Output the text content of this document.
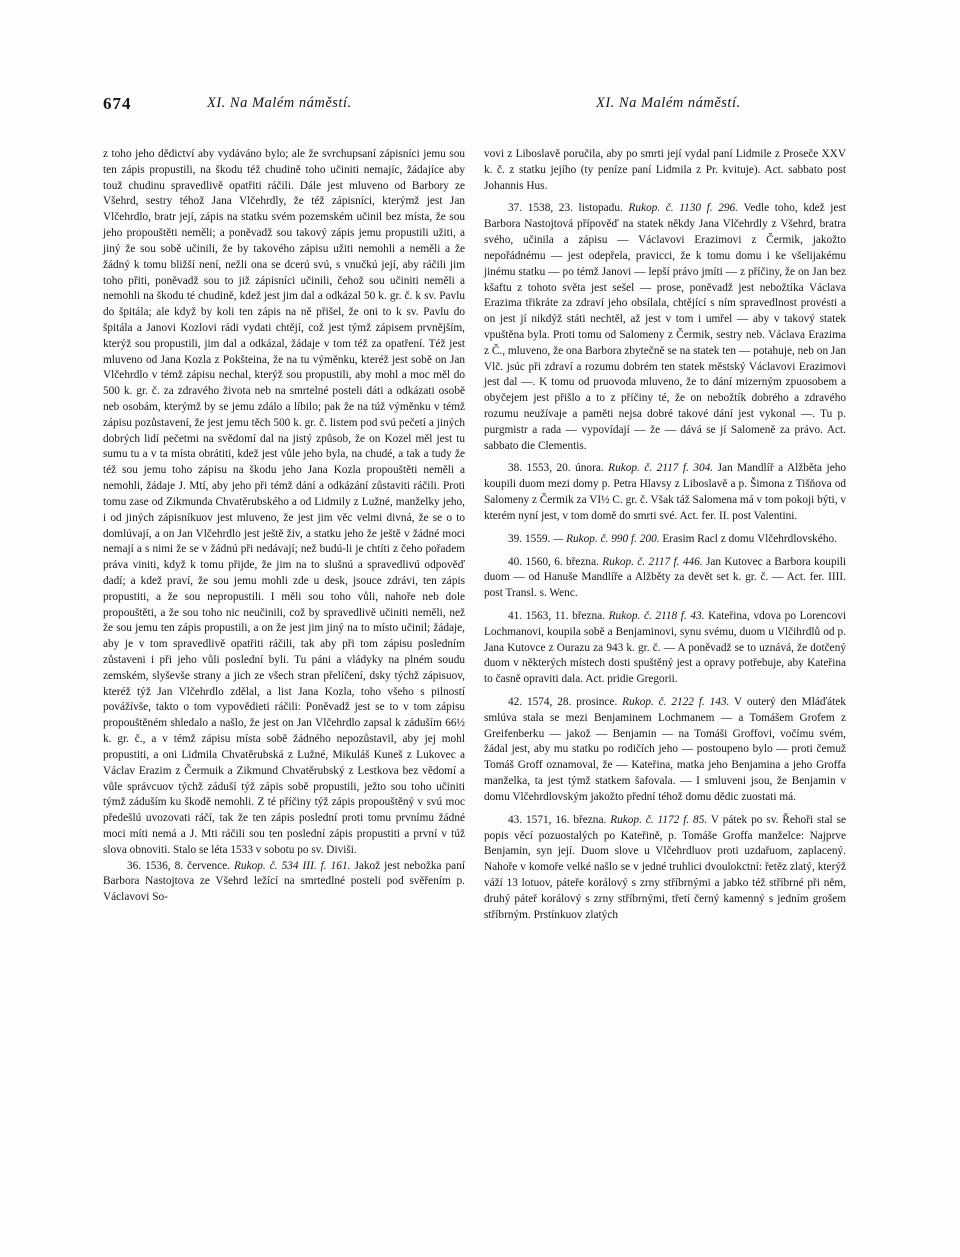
674	XI. Na Malém náměstí.	XI. Na Malém náměstí.

z toho jeho dědictví aby vydáváno bylo; ale že svrchupsaní zápisníci jemu sou ten zápis propustili, na škodu též chudině toho učiniti nemajíc, žádajíce aby touž chudinu spravedlivě opatřiti ráčili. Dále jest mluveno od Barbory ze Všehrd, sestry téhož Jana Vlčehrdly, že též zápisníci, kterýmž jest Jan Vlčehrdlo, bratr její, zápis na statku svém pozemském učinil bez místa, že sou jeho propouštěti neměli; a poněvadž sou takový zápis jemu propustili užiti, a jiný že sou sobě učinili, že by takového zápisu užiti nemohli a neměli a že žádný k tomu bližší není, nežli ona se dcerú svú, s vnučkú její, aby ráčili jim toho přiti, poněvadž sou to již zápisníci učinili, čehož sou učiniti neměli a nemohli na škodu té chudině, kdež jest jim dal a odkázal 50 k. gr. č. k sv. Pavlu do špitála; ale když by koli ten zápis na ně přišel, že oni to k sv. Pavlu do špitála a Janovi Kozlovi rádi vydati chtějí, což jest týmž zápisem prvnějším, kterýž sou propustili, jim dal a odkázal, žádaje v tom též za opatření. Též jest mluveno od Jana Kozla z Pokšteina, že na tu výměnku, kteréž jest sobě on Jan Vlčehrdlo v témž zápisu nechal, kterýž sou propustili, aby mohl a moc měl do 500 k. gr. č. za zdravého života neb na smrtelné posteli dáti a odkázati osobě neb osobám, kterýmž by se jemu zdálo a líbilo; pak že na túž výměnku v témž zápisu pozůstavení, že jest jemu těch 500 k. gr. č. listem pod svú pečetí a jiných dobrých lidí pečetmi na svědomí dal na jistý způsob, že on Kozel měl jest tu sumu tu a v ta místa obrátiti, kdež jest vůle jeho byla, na chudé, a tak a tudy že též sou jemu toho zápisu na škodu jeho Jana Kozla propouštěti neměli a nemohli, žádaje J. Mtí, aby jeho při témž dání a odkázání zůstaviti ráčili. Proti tomu zase od Zikmunda Chvatěrubského a od Lidmily z Lužné, manželky jeho, i od jiných zápisníkuov jest mluveno, že jest jim věc velmi divná, že se o to domlúvají, a on Jan Vlčehrdlo jest ještě živ, a statku jeho že ještě v žádné moci nemají a s nimi že se v žádnú při nedávají; než budú-li je chtíti z čeho pořadem práva viniti, když k tomu přijde, že jim na to slušnú a spravedlivú odpověď dadí; a kdež praví, že sou jemu mohli zde u desk, jsouce zdrávi, ten zápis propustiti, a že sou nepropustili. I měli sou toho vůli, nahoře neb dole propouštěti, a že sou toho nic neučinili, což by spravedlivě učiniti neměli, než že sou jemu ten zápis propustili, a on že jest jim jiný na to místo učinil; žádaje, aby je v tom spravedlivě opatřiti ráčili, tak aby při tom zápisu posledním zůstaveni i při jeho vůli poslední byli. Tu páni a vládyky na plném soudu zemském, slyševše strany a jich ze všech stran přelíčení, dsky týchž zápisuov, kteréž týž Jan Vlčehrdlo zdělal, a list Jana Kozla, toho všeho s pilností povážívše, takto o tom vypovědieti ráčili: Poněvadž jest se to v tom zápisu propouštěném shledalo a našlo, že jest on Jan Vlčehrdlo zapsal k záduším 66½ k. gr. č., a v témž zápisu místa sobě žádného nepozůstavil, aby jej mohl propustiti, a oni Lidmila Chvatěrubská z Lužné, Mikuláš Kuneš z Lukovec a Václav Erazim z Čermuik a Zikmund Chvatěrubský z Lestkova bez vědomí a vůle správcuov týchž záduší týž zápis sobě propustili, ježto sou toho učiniti týmž záduším ku škodě nemohli. Z té příčiny týž zápis propouštěný v svú moc předešlú uvozovati ráčí, tak že ten zápis poslední proti tomu prvnímu žádné moci míti nemá a J. Mti ráčili sou ten poslední zápis propustiti a první v túž slova obnoviti. Stalo se léta 1533 v sobotu po sv. Diviši.

36. 1536, 8. července. Rukop. č. 534 III. f. 161. Jakož jest nebožka paní Barbora Nastojtova ze Všehrd ležící na smrtedlné posteli pod svěřením p. Václavovi So-

vovi z Liboslavě poručila, aby po smrti její vydal paní Lidmile z Proseče XXV k. č. z statku jejího (ty peníze paní Lidmila z Pr. kvituje). Act. sabbato post Johannis Hus.

37. 1538, 23. listopadu. Rukop. č. 1130 f. 296. Vedle toho, kdež jest Barbora Nastojtová přípověď na statek někdy Jana Vlčehrdly z Všehrd, bratra svého, učinila a zápisu — Václavovi Erazimovi z Čermik, jakožto nepořádnému — jest odepřela, pravicci, že k tomu domu i ke všelijakému jinému statku — po témž Janovi — lepší právo jmíti — z příčiny, že on Jan bez kšaftu z tohoto světa jest sešel — prose, poněvadž jest nebožtíka Václava Erazima třikráte za zdraví jeho obsílala, chtějící s ním spravedlnost provésti a on jest jí nikdýž státi nechtěl, až jest v tom i umřel — aby v takový statek vpuštěna byla. Proti tomu od Salomeny z Čermik, sestry neb. Václava Erazima z Č., mluveno, že ona Barbora zbytečně se na statek ten — potahuje, neb on Jan Vlč. jsúc při zdraví a rozumu dobrém ten statek městský Václavovi Erazimovi jest dal —. K tomu od pruovoda mluveno, že to dání mizerným zpuosobem a obyčejem jest přišlo a to z příčiny té, že on nebožtík dobrého a zdravého rozumu neužívaje a paměti nejsa dobré takové dání jest vykonal —. Tu p. purgmistr a rada — vypovídají — že — dává se jí Salomeně za právo. Act. sabbato die Clementis.

38. 1553, 20. února. Rukop. č. 2117 f. 304. Jan Mandlíř a Alžběta jeho koupili duom mezi domy p. Petra Hlavsy z Liboslavě a p. Šimona z Tišňova od Salomeny z Čermik za VI½ C. gr. č. Však táž Salomena má v tom pokoji býti, v kterém nyní jest, v tom domě do smrti své. Act. fer. II. post Valentini.

39. 1559. — Rukop. č. 990 f. 200. Erasim Racl z domu Vlčehrdlovského.

40. 1560, 6. března. Rukop. č. 2117 f. 446. Jan Kutovec a Barbora koupili duom — od Hanuše Mandlíře a Alžběty za devět set k. gr. č. — Act. fer. IIII. post Transl. s. Wenc.

41. 1563, 11. března. Rukop. č. 2118 f. 43. Kateřina, vdova po Lorencovi Lochmanovi, koupila sobě a Benjaminovi, synu svému, duom u Vlčihrdlů od p. Jana Kutovce z Ourazu za 943 k. gr. č. — A poněvadž se to uznává, že dotčený duom v některých místech dosti spuštěný jest a opravy potřebuje, aby Kateřina to časně opraviti dala. Act. pridie Gregorii.

42. 1574, 28. prosince. Rukop. č. 2122 f. 143. V outerý den Mláďátek smlúva stala se mezi Benjaminem Lochmanem — a Tomášem Grofem z Greifenberku — jakož — Benjamin — na Tomáši Groffovi, vočímu svém, žádal jest, aby mu statku po rodičích jeho — postoupeno bylo — proti čemuž Tomáš Groff oznamoval, že — Kateřina, matka jeho Benjamina a jeho Groffa manželka, ta jest týmž statkem šafovala. — I smluveni jsou, že Benjamin v domu Vlčehrdlovským jakožto přední téhož domu dědic zuostati má.

43. 1571, 16. března. Rukop. č. 1172 f. 85. V pátek po sv. Řehoři stal se popis věcí pozuostalých po Kateřině, p. Tomáše Groffa manželce: Najprve Benjamin, syn její. Duom slove u Vlčehrdluov proti uzdařuom, zaplacený. Nahoře v komoře velké našlo se v jedné truhlici dvoulokctní: řetěz zlatý, kterýž váží 13 lotuov, páteře korálový s zrny stříbrnými a jabko též stříbrné při něm, druhý páteř korálový s zrny stříbrnými, třetí černý kamenný s jedním grošem stříbrným. Prstínkuov zlatých
